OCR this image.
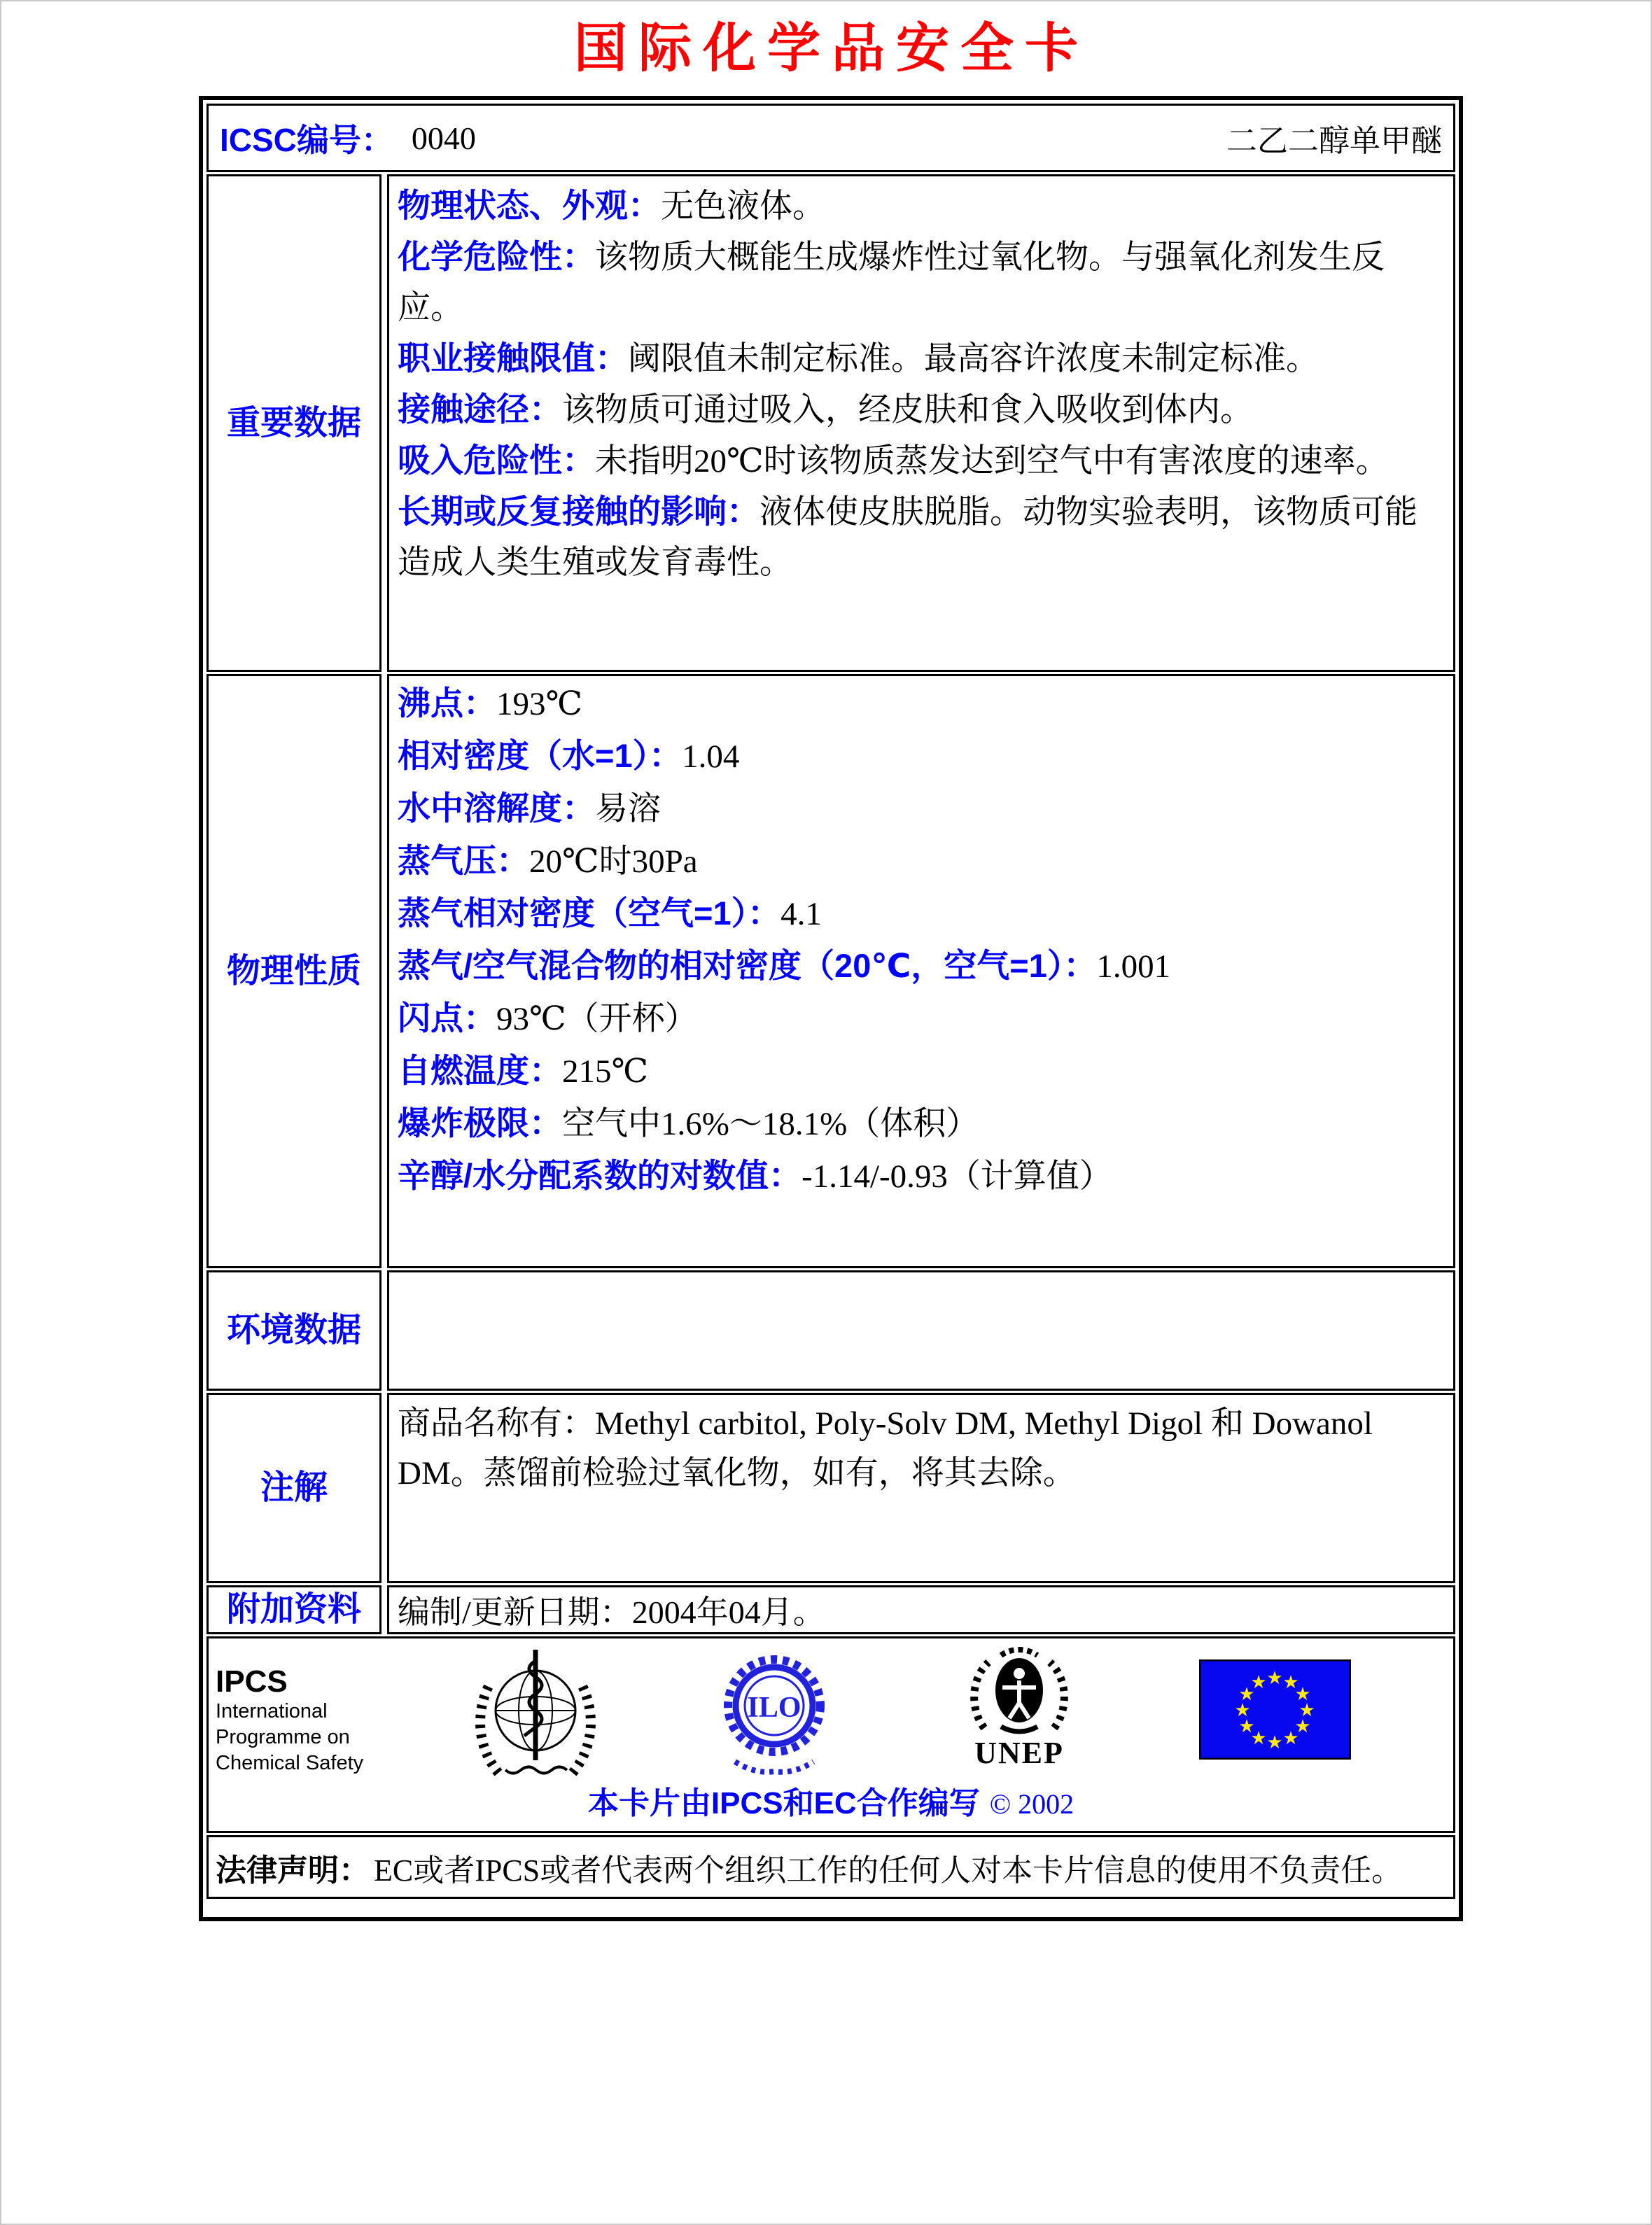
国际化学品安全卡
ICSC编号： 0040	二乙二醇单甲醚
重要数据

物理状态、外观：无色液体。

化学危险性：该物质大概能生成爆炸性过氧化物。与强氧化剂发生反应。

职业接触限值：阈限值未制定标准。最高容许浓度未制定标准。

接触途径：该物质可通过吸入，经皮肤和食入吸收到体内。

吸入危险性：未指明20℃时该物质蒸发达到空气中有害浓度的速率。

长期或反复接触的影响：液体使皮肤脱脂。动物实验表明，该物质可能造成人类生殖或发育毒性。

物理性质

沸点：193℃

相对密度（水=1）：1.04

水中溶解度：易溶

蒸气压：20℃时30Pa

蒸气相对密度（空气=1）：4.1

蒸气/空气混合物的相对密度（20℃，空气=1）：1.001

闪点：93℃（开杯）

自燃温度：215℃

爆炸极限：空气中1.6%～18.1%（体积）

辛醇/水分配系数的对数值：-1.14/-0.93（计算值）

环境数据
注解
商品名称有：Methyl carbitol, Poly-Solv DM, Methyl Digol 和 Dowanol DM。蒸馏前检验过氧化物，如有，将其去除。
附加资料	编制/更新日期：2004年04月。
IPCS
International
Programme on
Chemical Safety
ILO
UNEP
★ ★
★
★
★
★
★
★
★
★
★
★
本卡片由IPCS和EC合作编写 © 2002
法律声明： EC或者IPCS或者代表两个组织工作的任何人对本卡片信息的使用不负责任。
